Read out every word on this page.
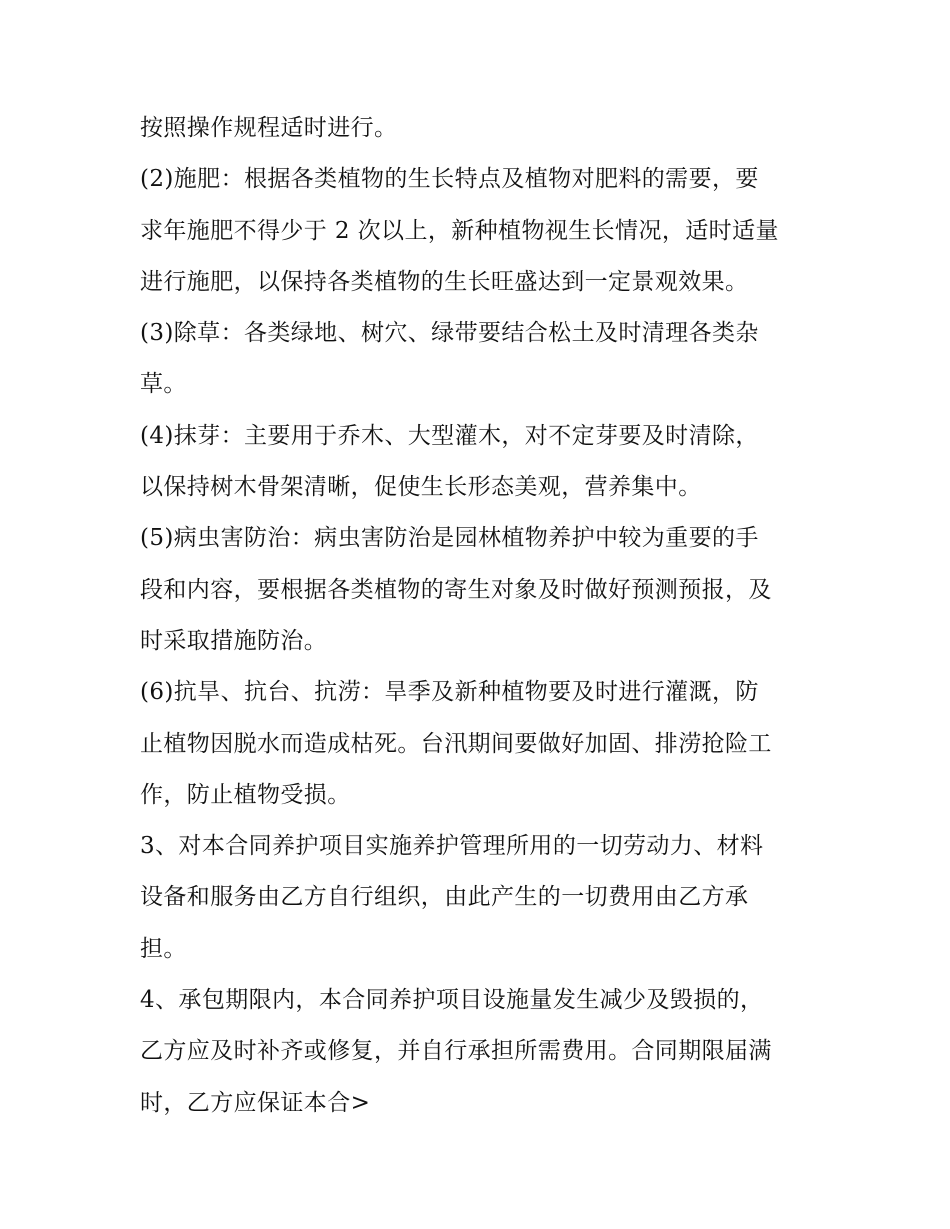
按照操作规程适时进行。
(2)施肥：根据各类植物的生长特点及植物对肥料的需要，要
求年施肥不得少于 2 次以上，新种植物视生长情况，适时适量
进行施肥，以保持各类植物的生长旺盛达到一定景观效果。
(3)除草：各类绿地、树穴、绿带要结合松土及时清理各类杂
草。
(4)抹芽：主要用于乔木、大型灌木，对不定芽要及时清除，
以保持树木骨架清晰，促使生长形态美观，营养集中。
(5)病虫害防治：病虫害防治是园林植物养护中较为重要的手
段和内容，要根据各类植物的寄生对象及时做好预测预报，及
时采取措施防治。
(6)抗旱、抗台、抗涝：旱季及新种植物要及时进行灌溉，防
止植物因脱水而造成枯死。台汛期间要做好加固、排涝抢险工
作，防止植物受损。
3、对本合同养护项目实施养护管理所用的一切劳动力、材料
设备和服务由乙方自行组织，由此产生的一切费用由乙方承
担。
4、承包期限内，本合同养护项目设施量发生减少及毁损的，
乙方应及时补齐或修复，并自行承担所需费用。合同期限届满
时，乙方应保证本合>
